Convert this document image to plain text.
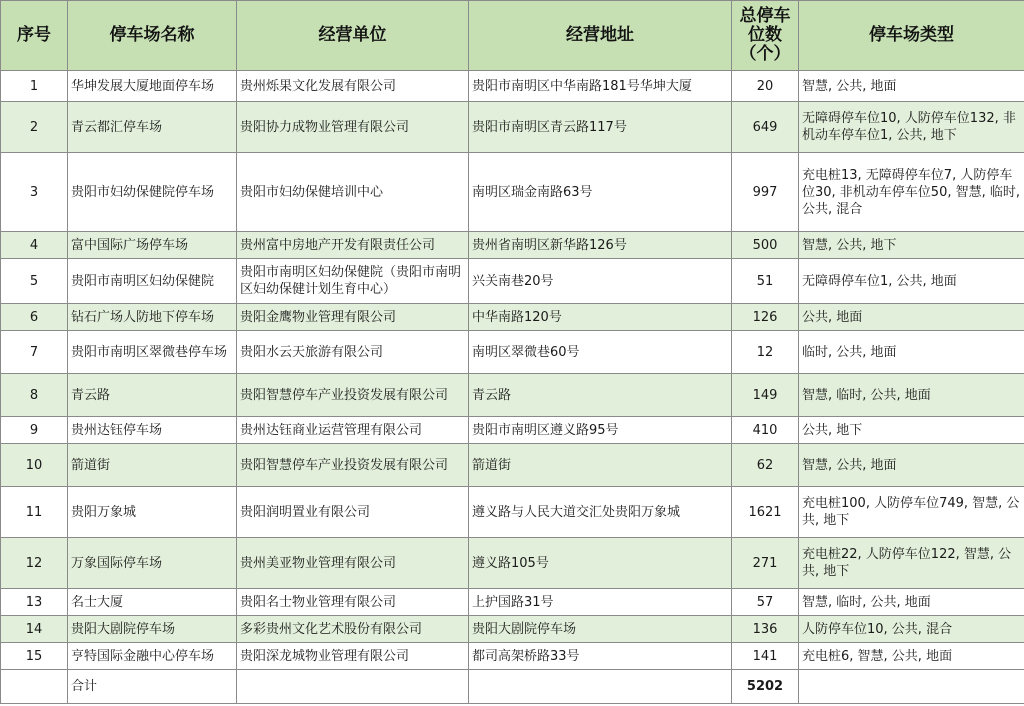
序号	停车场名称	经营单位	经营地址	总停车位数（个）	停车场类型
1	华坤发展大厦地面停车场	贵州烁果文化发展有限公司	贵阳市南明区中华南路181号华坤大厦	20	智慧, 公共, 地面
2	青云都汇停车场	贵阳协力成物业管理有限公司	贵阳市南明区青云路117号	649	无障碍停车位10, 人防停车位132, 非机动车停车位1, 公共, 地下
3	贵阳市妇幼保健院停车场	贵阳市妇幼保健培训中心	南明区瑞金南路63号	997	充电桩13, 无障碍停车位7, 人防停车位30, 非机动车停车位50, 智慧, 临时, 公共, 混合
4	富中国际广场停车场	贵州富中房地产开发有限责任公司	贵州省南明区新华路126号	500	智慧, 公共, 地下
5	贵阳市南明区妇幼保健院	贵阳市南明区妇幼保健院（贵阳市南明区妇幼保健计划生育中心）	兴关南巷20号	51	无障碍停车位1, 公共, 地面
6	钻石广场人防地下停车场	贵阳金鹰物业管理有限公司	中华南路120号	126	公共, 地面
7	贵阳市南明区翠微巷停车场	贵阳水云天旅游有限公司	南明区翠微巷60号	12	临时, 公共, 地面
8	青云路	贵阳智慧停车产业投资发展有限公司	青云路	149	智慧, 临时, 公共, 地面
9	贵州达钰停车场	贵州达钰商业运营管理有限公司	贵阳市南明区遵义路95号	410	公共, 地下
10	箭道街	贵阳智慧停车产业投资发展有限公司	箭道街	62	智慧, 公共, 地面
11	贵阳万象城	贵阳润明置业有限公司	遵义路与人民大道交汇处贵阳万象城	1621	充电桩100, 人防停车位749, 智慧, 公共, 地下
12	万象国际停车场	贵州美亚物业管理有限公司	遵义路105号	271	充电桩22, 人防停车位122, 智慧, 公共, 地下
13	名士大厦	贵阳名士物业管理有限公司	上护国路31号	57	智慧, 临时, 公共, 地面
14	贵阳大剧院停车场	多彩贵州文化艺术股份有限公司	贵阳大剧院停车场	136	人防停车位10, 公共, 混合
15	亨特国际金融中心停车场	贵阳深龙城物业管理有限公司	都司高架桥路33号	141	充电桩6, 智慧, 公共, 地面
	合计			5202	
